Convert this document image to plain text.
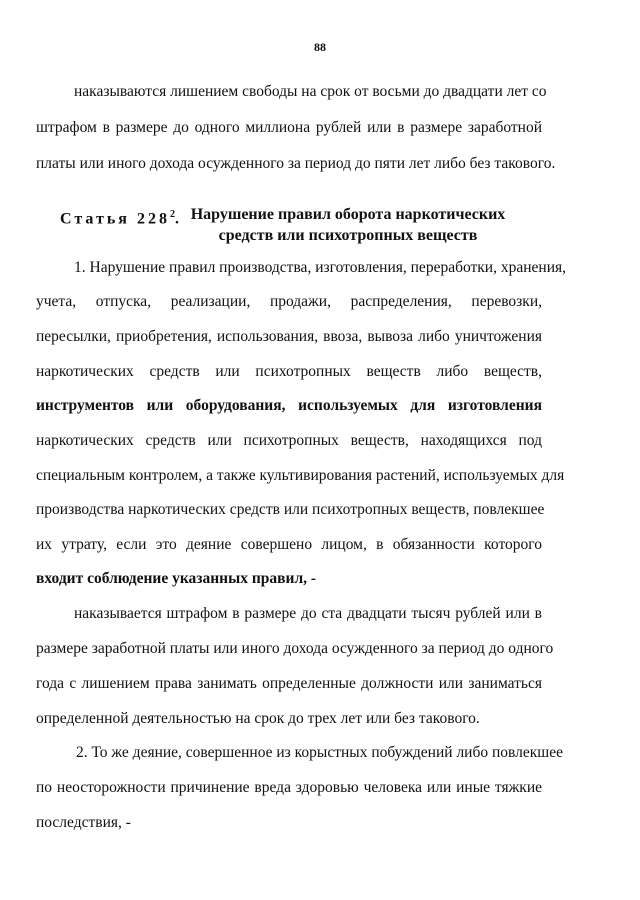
88
наказываются лишением свободы на срок от восьми до двадцати лет со
штрафом в размере до одного миллиона рублей или в размере заработной
платы или иного дохода осужденного за период до пяти лет либо без такового.
Статья $228^2$. Нарушение правил оборота наркотических
средств или психотропных веществ
1. Нарушение правил производства, изготовления, переработки, хранения,
учета, отпуска, реализации, продажи, распределения, перевозки,
пересылки, приобретения, использования, ввоза, вывоза либо уничтожения
наркотических средств или психотропных веществ либо веществ,
инструментов или оборудования, используемых для изготовления
наркотических средств или психотропных веществ, находящихся под
специальным контролем, а также культивирования растений, используемых для
производства наркотических средств или психотропных веществ, повлекшее
их утрату, если это деяние совершено лицом, в обязанности которого
входит соблюдение указанных правил, -
наказывается штрафом в размере до ста двадцати тысяч рублей или в
размере заработной платы или иного дохода осужденного за период до одного
года с лишением права занимать определенные должности или заниматься
определенной деятельностью на срок до трех лет или без такового.
2. То же деяние, совершенное из корыстных побуждений либо повлекшее
по неосторожности причинение вреда здоровью человека или иные тяжкие
последствия, -
